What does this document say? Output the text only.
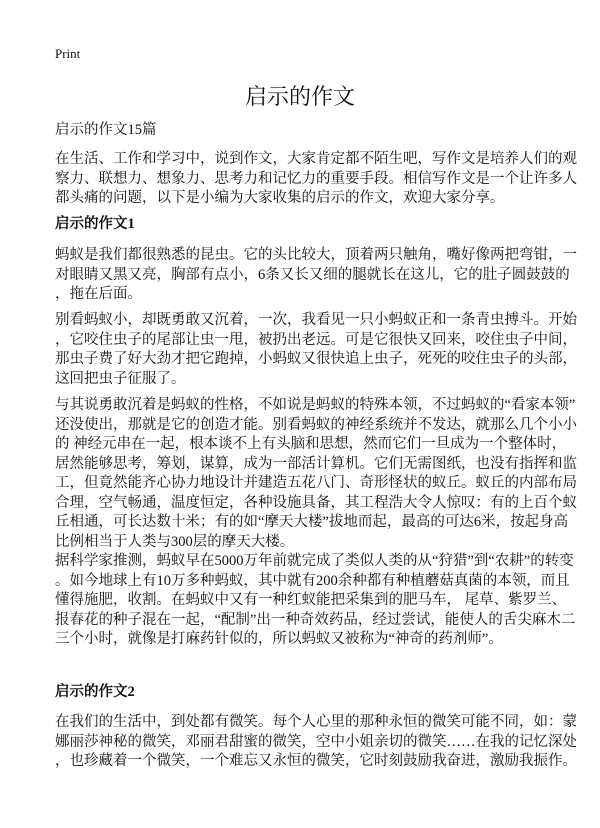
Print
启示的作文
启示的作文15篇
在生活、工作和学习中，说到作文，大家肯定都不陌生吧，写作文是培养人们的观
察力、联想力、想象力、思考力和记忆力的重要手段。相信写作文是一个让许多人
都头痛的问题，以下是小编为大家收集的启示的作文，欢迎大家分享。
启示的作文1
蚂蚁是我们都很熟悉的昆虫。它的头比较大，顶着两只触角，嘴好像两把弯钳，一
对眼睛又黑又亮，胸部有点小，6条又长又细的腿就长在这儿，它的肚子圆鼓鼓的
，拖在后面。
别看蚂蚁小，却既勇敢又沉着，一次，我看见一只小蚂蚁正和一条青虫搏斗。开始
，它咬住虫子的尾部让虫一甩，被扔出老远。可是它很快又回来，咬住虫子中间，
那虫子费了好大劲才把它跑掉，小蚂蚁又很快追上虫子，死死的咬住虫子的头部，
这回把虫子征服了。
与其说勇敢沉着是蚂蚁的性格，不如说是蚂蚁的特殊本领，不过蚂蚁的“看家本领”
还没使出，那就是它的创造才能。别看蚂蚁的神经系统并不发达，就那么几个小小
的 神经元串在一起，根本谈不上有头脑和思想，然而它们一旦成为一个整体时，
居然能够思考，筹划，谋算，成为一部活计算机。它们无需图纸，也没有指挥和监
工，但竟然能齐心协力地设计并建造五花八门、奇形怪状的蚁丘。蚁丘的内部布局
合理，空气畅通，温度恒定，各种设施具备，其工程浩大令人惊叹：有的上百个蚁
丘相通，可长达数十米；有的如“摩天大楼”拔地而起，最高的可达6米，按起身高
比例相当于人类与300层的摩天大楼。
据科学家推测，蚂蚁早在5000万年前就完成了类似人类的从“狩猎”到“农耕”的转变
。如今地球上有10万多种蚂蚁，其中就有200余种都有种植蘑菇真菌的本领，而且
懂得施肥，收割。在蚂蚁中又有一种红蚁能把采集到的肥马车， 尾草、紫罗兰、
报春花的种子混在一起，“配制”出一种奇效药品，经过尝试，能使人的舌尖麻木二
三个小时，就像是打麻药针似的，所以蚂蚁又被称为“神奇的药剂师”。
启示的作文2
在我们的生活中，到处都有微笑。每个人心里的那种永恒的微笑可能不同，如：蒙
娜丽莎神秘的微笑，邓丽君甜蜜的微笑，空中小姐亲切的微笑……在我的记忆深处
，也珍藏着一个微笑，一个难忘又永恒的微笑，它时刻鼓励我奋进，激励我振作。
